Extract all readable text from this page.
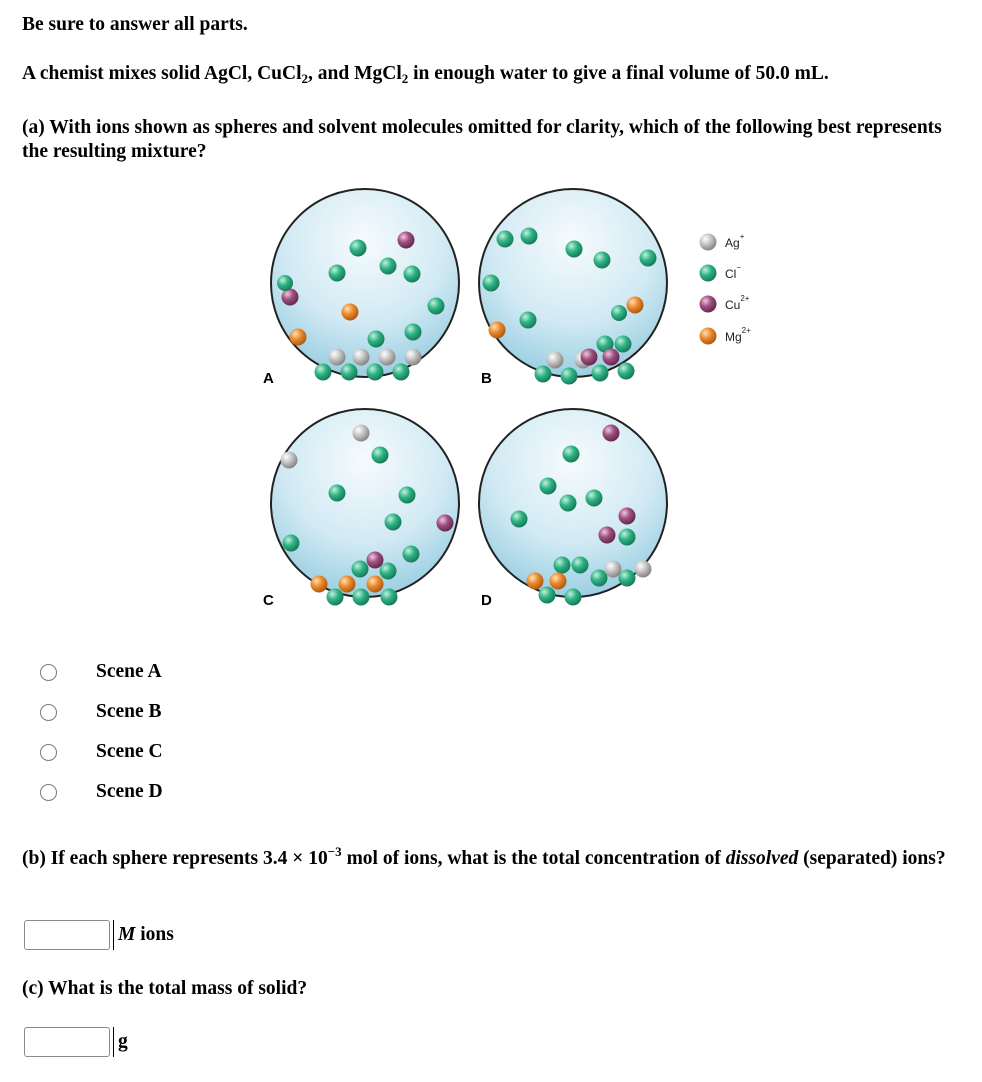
Be sure to answer all parts.
A chemist mixes solid AgCl, CuCl$_2$, and MgCl$_2$ in enough water to give a final volume of 50.0 mL.
(a) With ions shown as spheres and solvent molecules omitted for clarity, which of the following best represents the resulting mixture?
A	B
C	D
Ag+
Cl−
$Cu^{2+}$
$Mg^{2+}$
Scene A
Scene B
Scene C
Scene D
(b) If each sphere represents $3.4 \times 10^{-3}$ mol of ions, what is the total concentration of dissolved (separated) ions?
M ions
(c) What is the total mass of solid?
g
